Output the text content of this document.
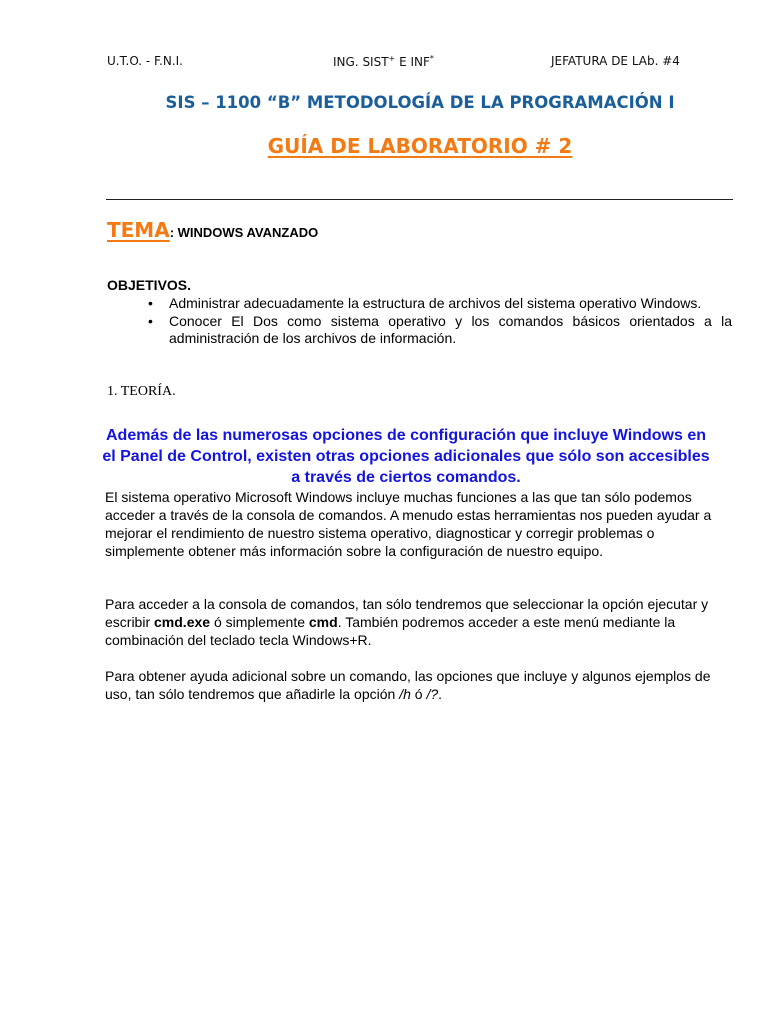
U.T.O. - F.N.I.	ING. SIST+ E INF*	JEFATURA DE LAb. #4
SIS – 1100 “B” METODOLOGÍA DE LA PROGRAMACIÓN I
GUÍA DE LABORATORIO # 2
TEMA: WINDOWS AVANZADO
OBJETIVOS.
• Administrar adecuadamente la estructura de archivos del sistema operativo Windows.
• Conocer El Dos como sistema operativo y los comandos básicos orientados a la administración de los archivos de información.
1. TEORÍA.
Además de las numerosas opciones de configuración que incluye Windows en el Panel de Control, existen otras opciones adicionales que sólo son accesibles a través de ciertos comandos.
El sistema operativo Microsoft Windows incluye muchas funciones a las que tan sólo podemos acceder a través de la consola de comandos. A menudo estas herramientas nos pueden ayudar a mejorar el rendimiento de nuestro sistema operativo, diagnosticar y corregir problemas o simplemente obtener más información sobre la configuración de nuestro equipo.
Para acceder a la consola de comandos, tan sólo tendremos que seleccionar la opción ejecutar y escribir cmd.exe ó simplemente cmd. También podremos acceder a este menú mediante la combinación del teclado tecla Windows+R.
Para obtener ayuda adicional sobre un comando, las opciones que incluye y algunos ejemplos de uso, tan sólo tendremos que añadirle la opción /h ó /?.
